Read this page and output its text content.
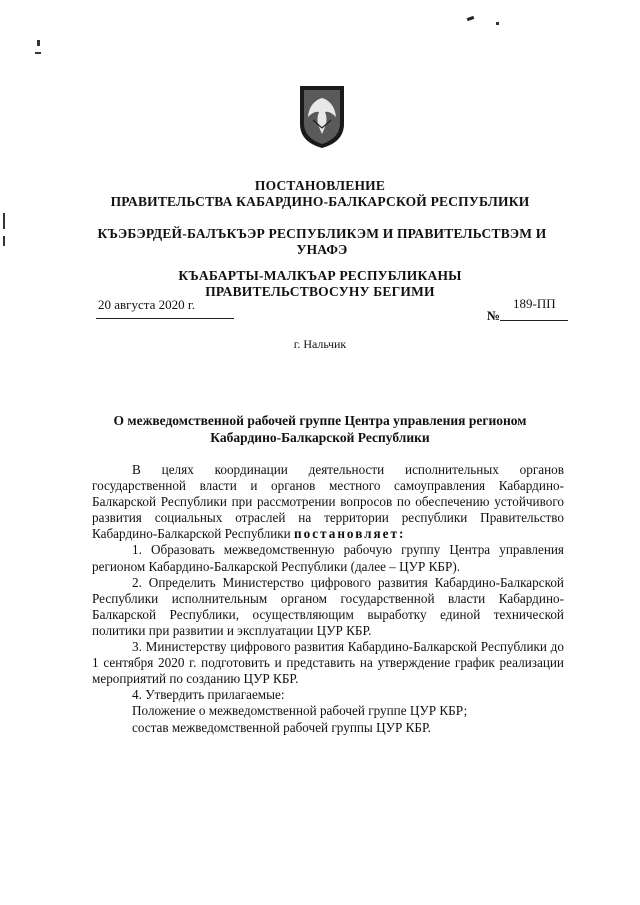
ПОСТАНОВЛЕНИЕ
ПРАВИТЕЛЬСТВА КАБАРДИНО-БАЛКАРСКОЙ РЕСПУБЛИКИ
КЪЭБЭРДЕЙ-БАЛЪКЪЭР РЕСПУБЛИКЭМ И ПРАВИТЕЛЬСТВЭМ И УНАФЭ
КЪАБАРТЫ-МАЛКЪАР РЕСПУБЛИКАНЫ ПРАВИТЕЛЬСТВОСУНУ БЕГИМИ
20 августа 2020 г.
№
189-ПП
г. Нальчик
О межведомственной рабочей группе Центра управления регионом Кабардино-Балкарской Республики

В целях координации деятельности исполнительных органов государственной власти и органов местного самоуправления Кабардино-Балкарской Республики при рассмотрении вопросов по обеспечению устойчивого развития социальных отраслей на территории республики Правительство Кабардино-Балкарской Республики постановляет:

1. Образовать межведомственную рабочую группу Центра управления регионом Кабардино-Балкарской Республики (далее – ЦУР КБР).

2. Определить Министерство цифрового развития Кабардино-Балкарской Республики исполнительным органом государственной власти Кабардино-Балкарской Республики, осуществляющим выработку единой технической политики при развитии и эксплуатации ЦУР КБР.

3. Министерству цифрового развития Кабардино-Балкарской Республики до 1 сентября 2020 г. подготовить и представить на утверждение график реализации мероприятий по созданию ЦУР КБР.

4. Утвердить прилагаемые:

Положение о межведомственной рабочей группе ЦУР КБР;

состав межведомственной рабочей группы ЦУР КБР.
